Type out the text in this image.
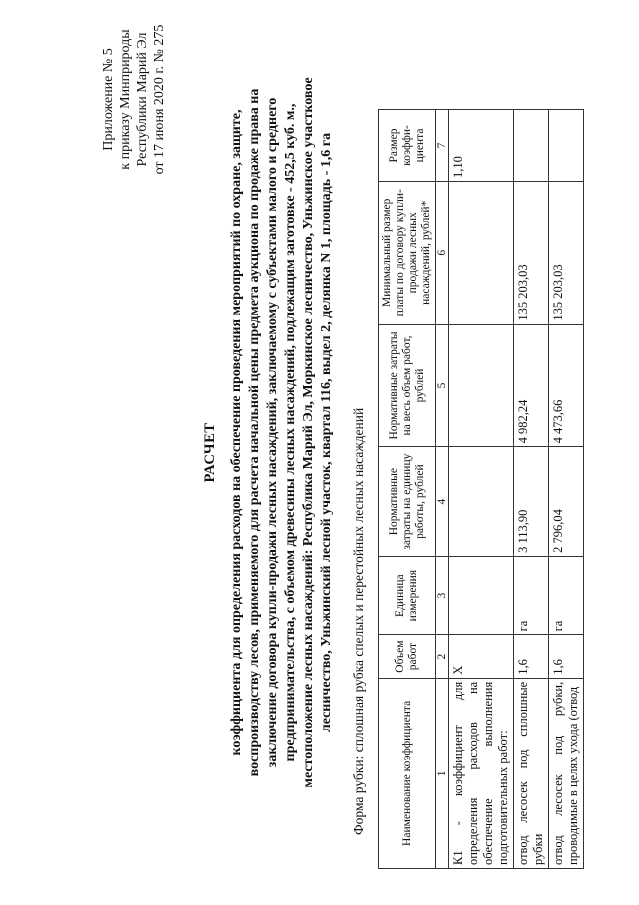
Приложение № 5 к приказу Минприроды Республики Марий Эл от 17 июня 2020 г. № 275
РАСЧЕТ коэффициента для определения расходов на обеспечение проведения мероприятий по охране, защите, воспроизводству лесов, применяемого для расчета начальной цены предмета аукциона по продаже права на заключение договора купли-продажи лесных насаждений, заключаемому с субъектами малого и среднего предпринимательства, с объемом древесины лесных насаждений, подлежащим заготовке - 452,5 куб. м., местоположение лесных насаждений: Республика Марий Эл, Моркинское лесничество, Уньжинское участковое лесничество, Уньжинский лесной участок, квартал 116, выдел 2, делянка N 1, площадь - 1,6 га Форма рубки: сплошная рубка спелых и перестойных лесных насаждений	Наименование коэффициента	Объем работ	Единица измерения	Нормативные затраты на единицу работы, рублей	Нормативные затраты на весь объем работ, рублей	Минимальный размер платы по договору купли-продажи лесных насаждений, рублей*	Размер коэффи-циента
1	2	3	4	5	6	7
К1 - коэффициент для определения расходов на обеспечение выполнения подготовительных работ:	X					1,10
отвод лесосек под сплошные рубки	1,6	га	3 113,90	4 982,24	135 203,03	
отвод лесосек под рубки, проводимые в целях ухода (отвод	1,6	га	2 796,04	4 473,66	135 203,03	
